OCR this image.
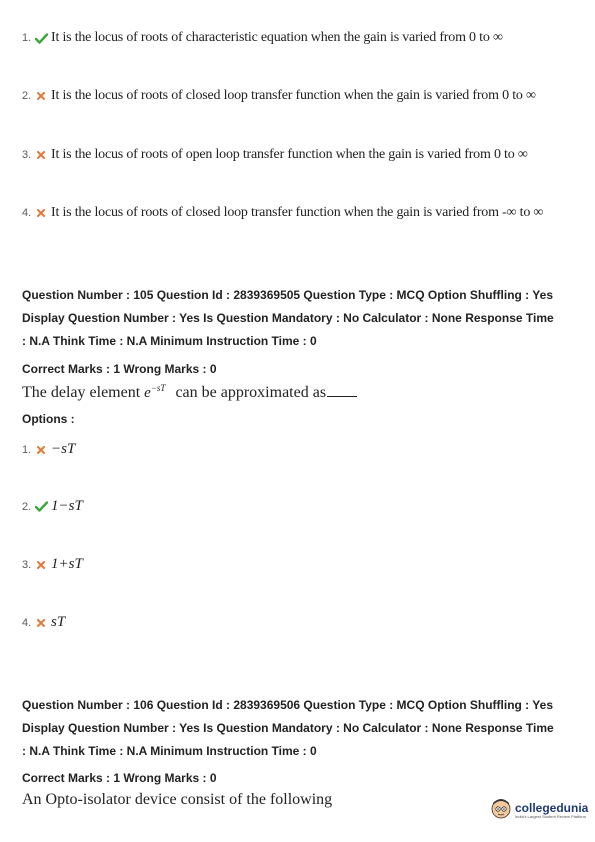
1. It is the locus of roots of characteristic equation when the gain is varied from 0 to ∞
2. It is the locus of roots of closed loop transfer function when the gain is varied from 0 to ∞
3. It is the locus of roots of open loop transfer function when the gain is varied from 0 to ∞
4. It is the locus of roots of closed loop transfer function when the gain is varied from -∞ to ∞
Question Number : 105 Question Id : 2839369505 Question Type : MCQ Option Shuffling : Yes
Display Question Number : Yes Is Question Mandatory : No Calculator : None Response Time
: N.A Think Time : N.A Minimum Instruction Time : 0
Correct Marks : 1 Wrong Marks : 0
The delay element $e^{-sT}$ can be approximated as
Options :
1. −sT
2. 1−sT
3. 1+sT
4. sT
Question Number : 106 Question Id : 2839369506 Question Type : MCQ Option Shuffling : Yes
Display Question Number : Yes Is Question Mandatory : No Calculator : None Response Time
: N.A Think Time : N.A Minimum Instruction Time : 0
Correct Marks : 1 Wrong Marks : 0
An Opto-isolator device consist of the following	collegedunia
India's Largest Student Review Platform
